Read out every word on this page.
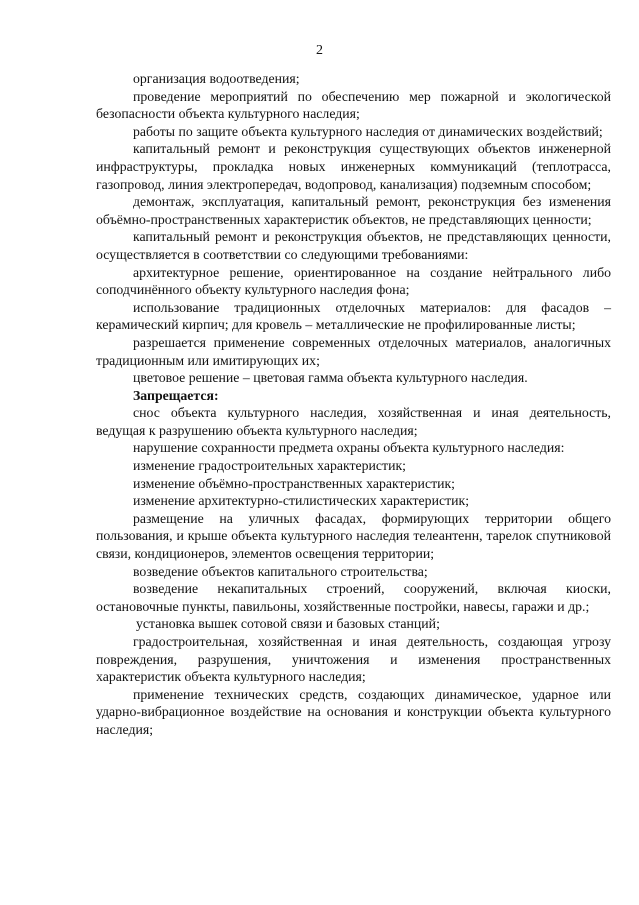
2

организация водоотведения;

проведение мероприятий по обеспечению мер пожарной и экологической безопасности объекта культурного наследия;

работы по защите объекта культурного наследия от динамических воздействий;

капитальный ремонт и реконструкция существующих объектов инженерной инфраструктуры, прокладка новых инженерных коммуникаций (теплотрасса, газопровод, линия электропередач, водопровод, канализация) подземным способом;

демонтаж, эксплуатация, капитальный ремонт, реконструкция без изменения объёмно-пространственных характеристик объектов, не представляющих ценности;

капитальный ремонт и реконструкция объектов, не представляющих ценности, осуществляется в соответствии со следующими требованиями:

архитектурное решение, ориентированное на создание нейтрального либо соподчинённого объекту культурного наследия фона;

использование традиционных отделочных материалов: для фасадов – керамический кирпич; для кровель – металлические не профилированные листы;

разрешается применение современных отделочных материалов, аналогичных традиционным или имитирующих их;

цветовое решение – цветовая гамма объекта культурного наследия.

Запрещается:

снос объекта культурного наследия, хозяйственная и иная деятельность, ведущая к разрушению объекта культурного наследия;

нарушение сохранности предмета охраны объекта культурного наследия:

изменение градостроительных характеристик;

изменение объёмно-пространственных характеристик;

изменение архитектурно-стилистических характеристик;

размещение на уличных фасадах, формирующих территории общего пользования, и крыше объекта культурного наследия телеантенн, тарелок спутниковой связи, кондиционеров, элементов освещения территории;

возведение объектов капитального строительства;

возведение некапитальных строений, сооружений, включая киоски, остановочные пункты, павильоны, хозяйственные постройки, навесы, гаражи и др.;

установка вышек сотовой связи и базовых станций;

градостроительная, хозяйственная и иная деятельность, создающая угрозу повреждения, разрушения, уничтожения и изменения пространственных характеристик объекта культурного наследия;

применение технических средств, создающих динамическое, ударное или ударно-вибрационное воздействие на основания и конструкции объекта культурного наследия;
